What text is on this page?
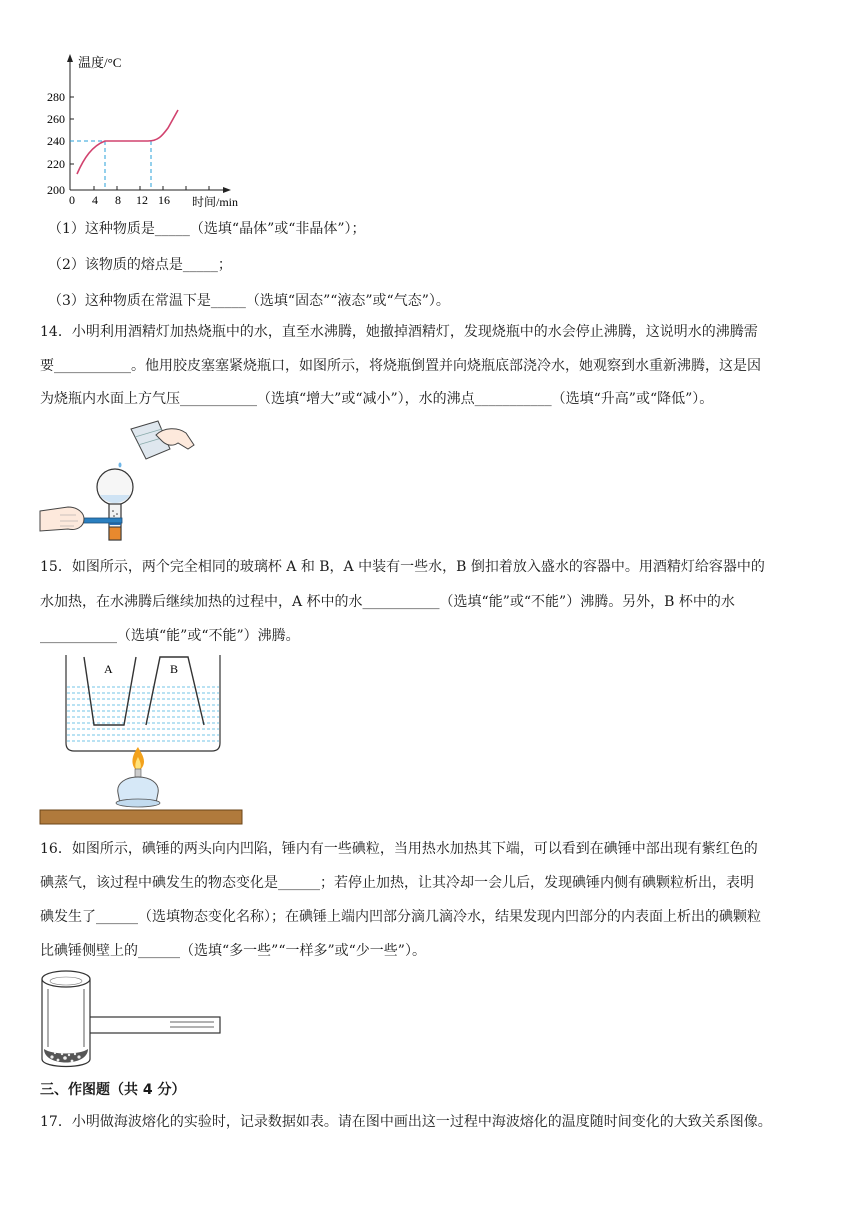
温度/°C
时间/min
280
260
240
220
200
0 4 8 12 16
（1）这种物质是_____（选填“晶体”或“非晶体”）；
（2）该物质的熔点是_____；
（3）这种物质在常温下是_____（选填“固态”“液态”或“气态”）。
14．小明利用酒精灯加热烧瓶中的水，直至水沸腾，她撤掉酒精灯，发现烧瓶中的水会停止沸腾，这说明水的沸腾需
要___________。他用胶皮塞塞紧烧瓶口，如图所示，将烧瓶倒置并向烧瓶底部浇冷水，她观察到水重新沸腾，这是因
为烧瓶内水面上方气压___________（选填“增大”或“减小”），水的沸点___________（选填“升高”或“降低”）。
15．如图所示，两个完全相同的玻璃杯 A 和 B，A 中装有一些水，B 倒扣着放入盛水的容器中。用酒精灯给容器中的
水加热，在水沸腾后继续加热的过程中，A 杯中的水___________（选填“能”或“不能”）沸腾。另外，B 杯中的水
___________（选填“能”或“不能”）沸腾。
A	B
16．如图所示，碘锤的两头向内凹陷，锤内有一些碘粒，当用热水加热其下端，可以看到在碘锤中部出现有紫红色的
碘蒸气，该过程中碘发生的物态变化是______；若停止加热，让其冷却一会儿后，发现碘锤内侧有碘颗粒析出，表明
碘发生了______（选填物态变化名称）；在碘锤上端内凹部分滴几滴冷水，结果发现内凹部分的内表面上析出的碘颗粒
比碘锤侧壁上的______（选填“多一些”“一样多”或“少一些”）。
三、作图题（共 4 分）
17．小明做海波熔化的实验时，记录数据如表。请在图中画出这一过程中海波熔化的温度随时间变化的大致关系图像。
